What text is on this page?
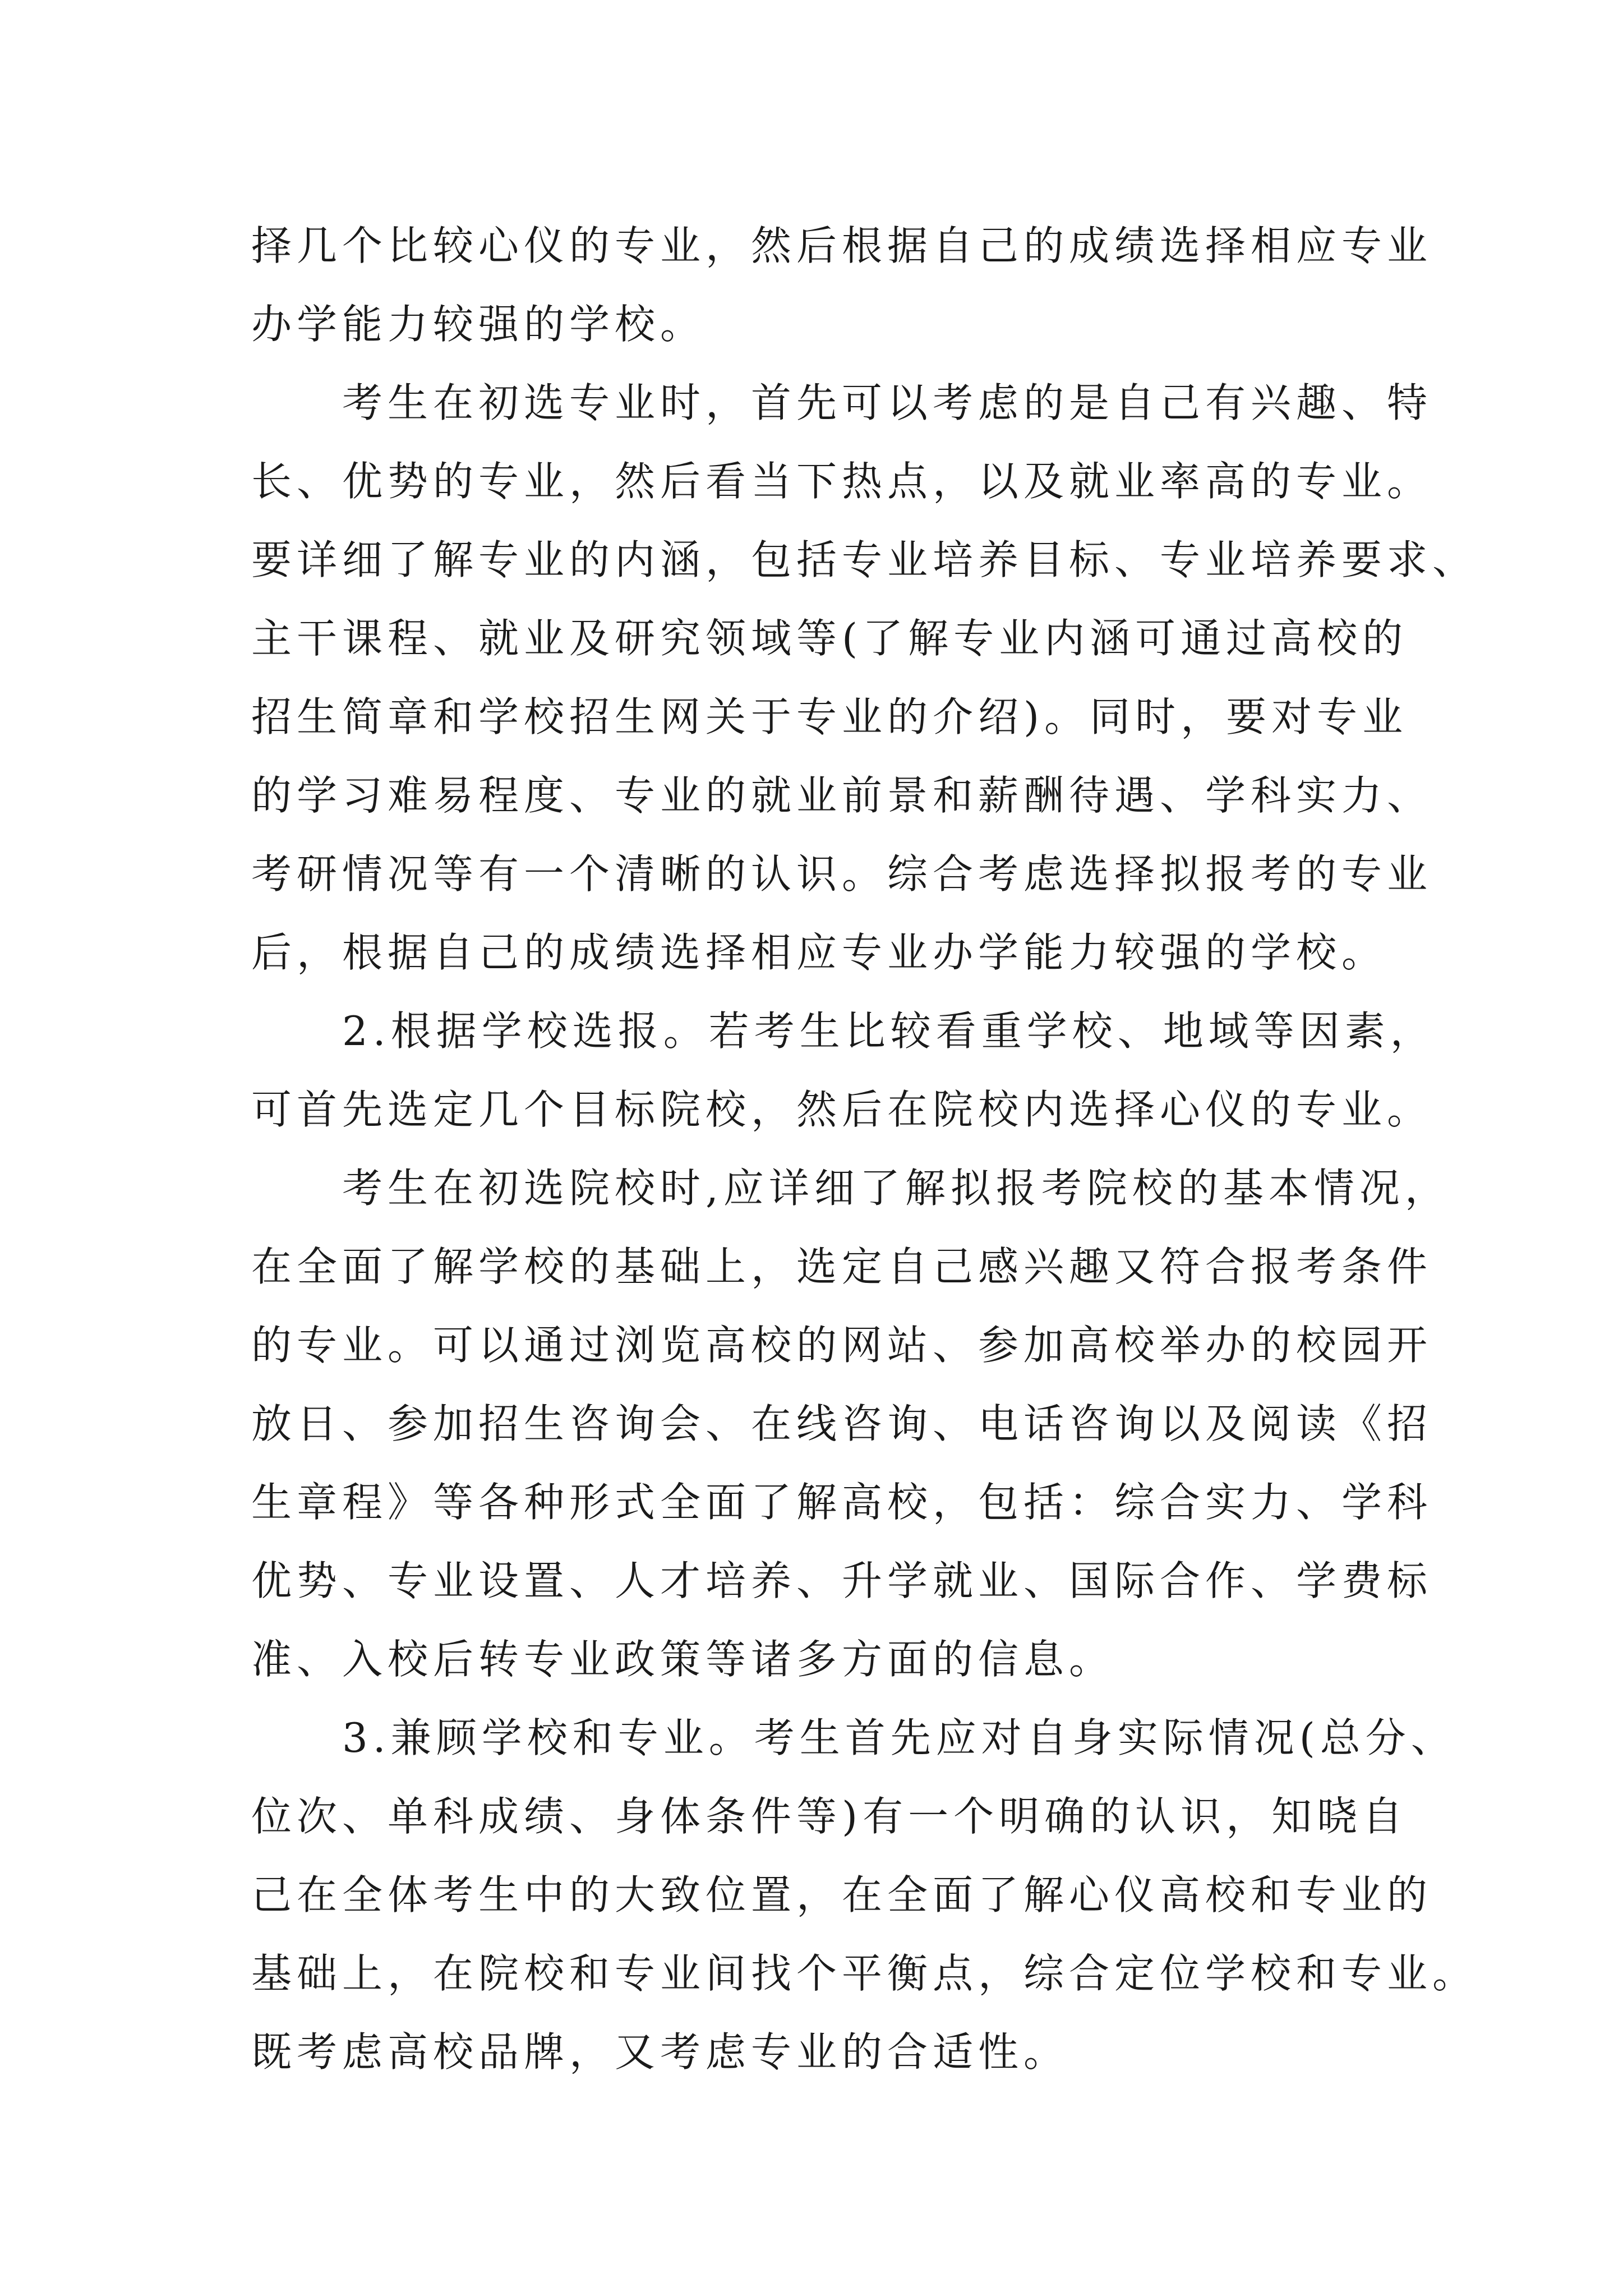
择几个比较心仪的专业，然后根据自己的成绩选择相应专业
办学能力较强的学校。
考生在初选专业时，首先可以考虑的是自己有兴趣、特
长、优势的专业，然后看当下热点，以及就业率高的专业。
要详细了解专业的内涵，包括专业培养目标、专业培养要求、
主干课程、就业及研究领域等(了解专业内涵可通过高校的
招生简章和学校招生网关于专业的介绍)。同时，要对专业
的学习难易程度、专业的就业前景和薪酬待遇、学科实力、
考研情况等有一个清晰的认识。综合考虑选择拟报考的专业
后，根据自己的成绩选择相应专业办学能力较强的学校。
2.根据学校选报。若考生比较看重学校、地域等因素，
可首先选定几个目标院校，然后在院校内选择心仪的专业。
考生在初选院校时,应详细了解拟报考院校的基本情况，
在全面了解学校的基础上，选定自己感兴趣又符合报考条件
的专业。可以通过浏览高校的网站、参加高校举办的校园开
放日、参加招生咨询会、在线咨询、电话咨询以及阅读《招
生章程》等各种形式全面了解高校，包括：综合实力、学科
优势、专业设置、人才培养、升学就业、国际合作、学费标
准、入校后转专业政策等诸多方面的信息。
3.兼顾学校和专业。考生首先应对自身实际情况(总分、
位次、单科成绩、身体条件等)有一个明确的认识，知晓自
己在全体考生中的大致位置，在全面了解心仪高校和专业的
基础上，在院校和专业间找个平衡点，综合定位学校和专业。
既考虑高校品牌，又考虑专业的合适性。
